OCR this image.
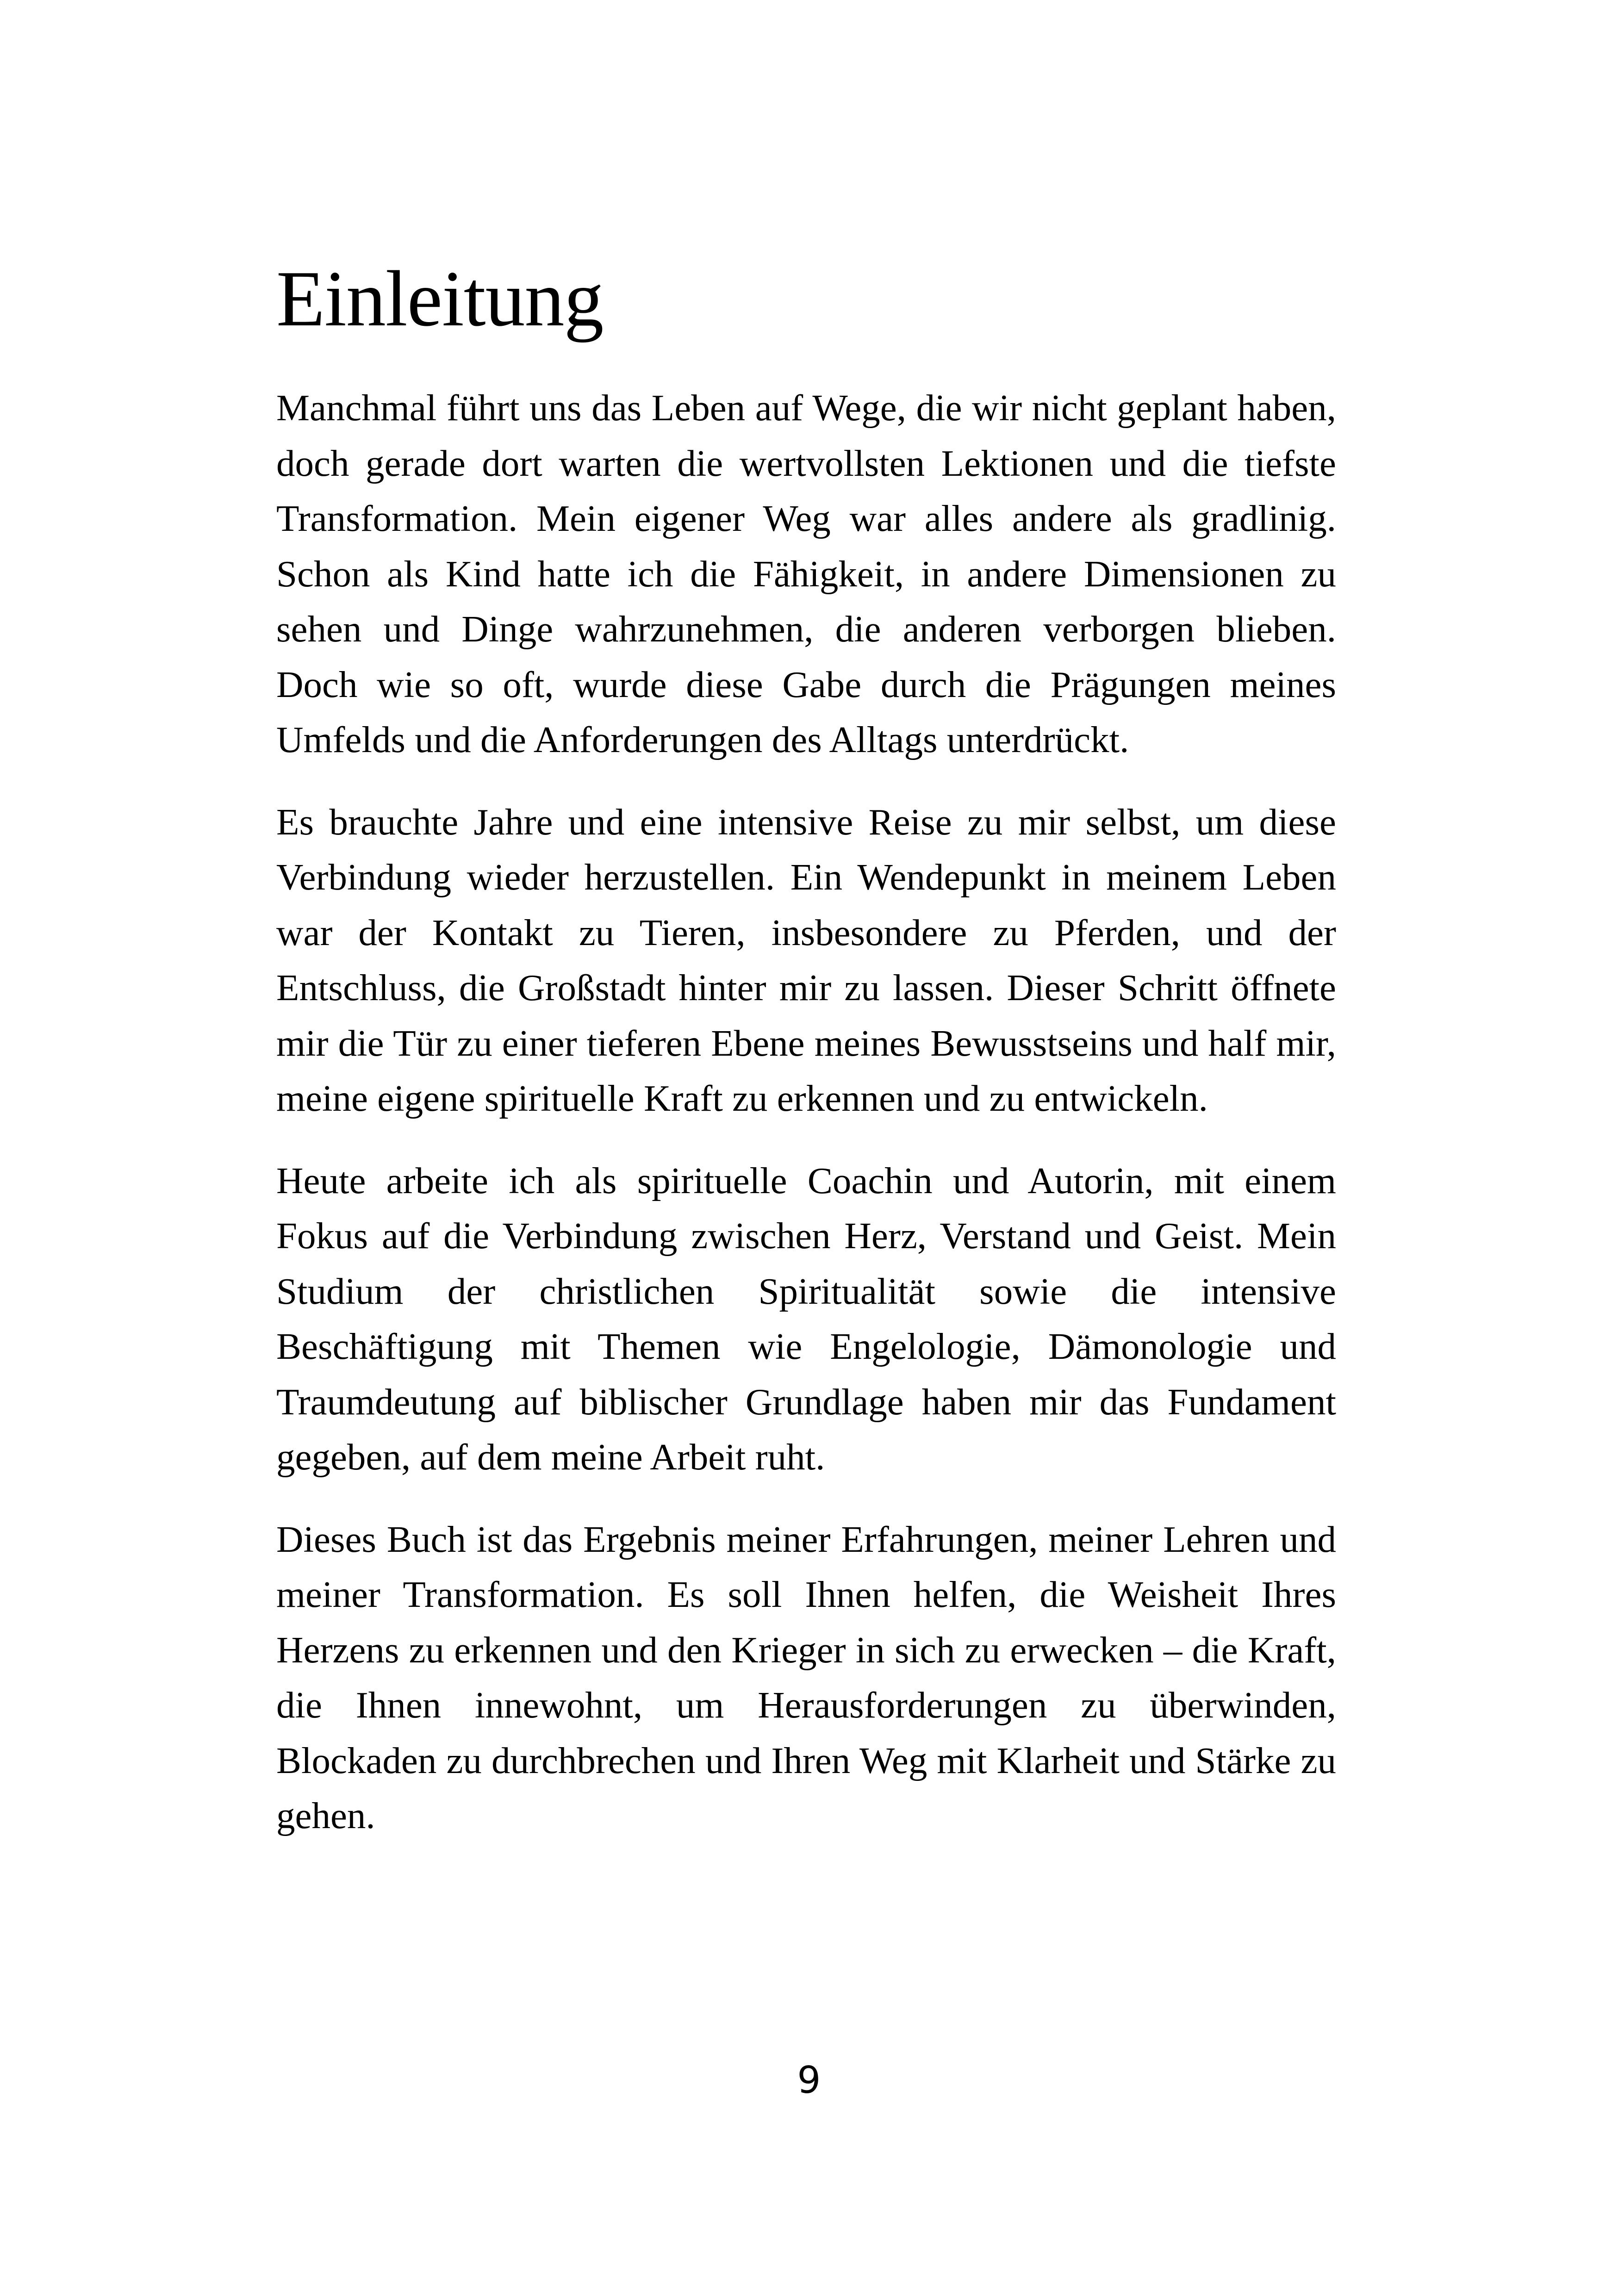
Einleitung

Manchmal führt uns das Leben auf Wege, die wir nicht geplant haben, doch gerade dort warten die wertvollsten Lektionen und die tiefste Transformation. Mein eigener Weg war alles andere als gradlinig. Schon als Kind hatte ich die Fähigkeit, in andere Dimensionen zu sehen und Dinge wahrzunehmen, die anderen verborgen blieben. Doch wie so oft, wurde diese Gabe durch die Prägungen meines Umfelds und die Anforderungen des Alltags unterdrückt.

Es brauchte Jahre und eine intensive Reise zu mir selbst, um diese Verbindung wieder herzustellen. Ein Wendepunkt in meinem Leben war der Kontakt zu Tieren, insbesondere zu Pferden, und der Entschluss, die Großstadt hinter mir zu lassen. Dieser Schritt öffnete mir die Tür zu einer tieferen Ebene meines Bewusstseins und half mir, meine eigene spirituelle Kraft zu erkennen und zu entwickeln.

Heute arbeite ich als spirituelle Coachin und Autorin, mit einem Fokus auf die Verbindung zwischen Herz, Verstand und Geist. Mein Studium der christlichen Spiritualität sowie die intensive Beschäftigung mit Themen wie Engelologie, Dämonologie und Traumdeutung auf biblischer Grundlage haben mir das Fundament gegeben, auf dem meine Arbeit ruht.

Dieses Buch ist das Ergebnis meiner Erfahrungen, meiner Lehren und meiner Transformation. Es soll Ihnen helfen, die Weisheit Ihres Herzens zu erkennen und den Krieger in sich zu erwecken – die Kraft, die Ihnen innewohnt, um Herausforderungen zu überwinden, Blockaden zu durchbrechen und Ihren Weg mit Klarheit und Stärke zu gehen.

9
